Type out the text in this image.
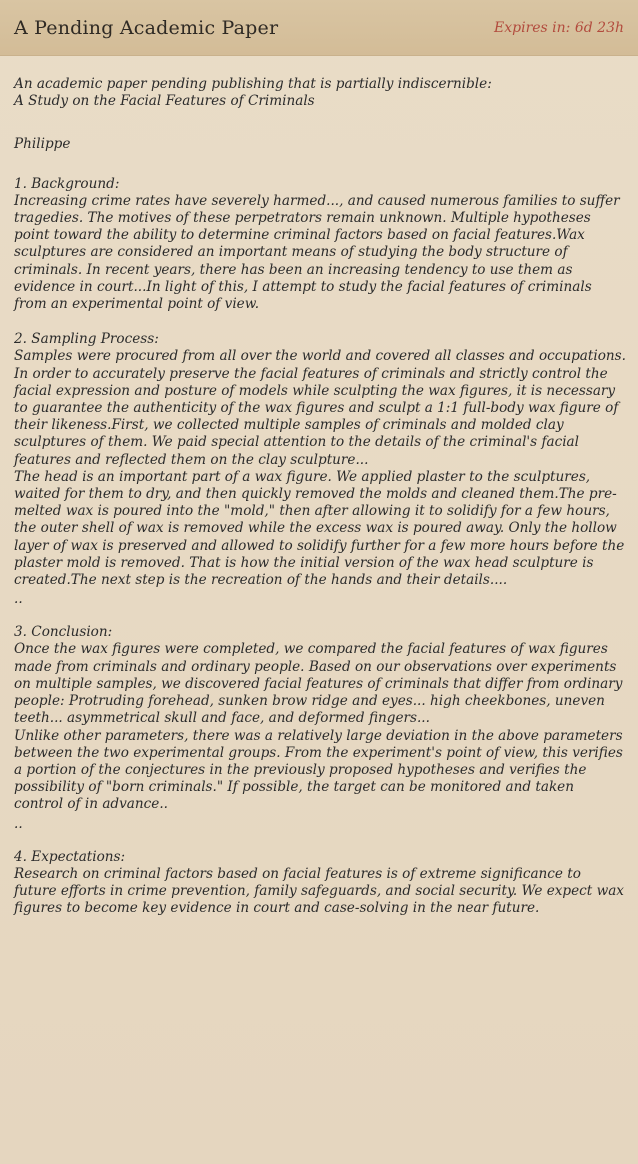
A Pending Academic Paper	Expires in: 6d 23h
An academic paper pending publishing that is partially indiscernible:
A Study on the Facial Features of Criminals
Philippe
1. Background:
Increasing crime rates have severely harmed..., and caused numerous families to suffer tragedies. The motives of these perpetrators remain unknown. Multiple hypotheses point toward the ability to determine criminal factors based on facial features.Wax sculptures are considered an important means of studying the body structure of criminals. In recent years, there has been an increasing tendency to use them as evidence in court...In light of this, I attempt to study the facial features of criminals from an experimental point of view.
2. Sampling Process:
Samples were procured from all over the world and covered all classes and occupations. In order to accurately preserve the facial features of criminals and strictly control the facial expression and posture of models while sculpting the wax figures, it is necessary to guarantee the authenticity of the wax figures and sculpt a 1:1 full-body wax figure of their likeness.First, we collected multiple samples of criminals and molded clay sculptures of them. We paid special attention to the details of the criminal's facial features and reflected them on the clay sculpture...
The head is an important part of a wax figure. We applied plaster to the sculptures, waited for them to dry, and then quickly removed the molds and cleaned them.The pre-melted wax is poured into the "mold," then after allowing it to solidify for a few hours, the outer shell of wax is removed while the excess wax is poured away. Only the hollow layer of wax is preserved and allowed to solidify further for a few more hours before the plaster mold is removed. That is how the initial version of the wax head sculpture is created.The next step is the recreation of the hands and their details....
..
3. Conclusion:
Once the wax figures were completed, we compared the facial features of wax figures made from criminals and ordinary people. Based on our observations over experiments on multiple samples, we discovered facial features of criminals that differ from ordinary people: Protruding forehead, sunken brow ridge and eyes... high cheekbones, uneven teeth... asymmetrical skull and face, and deformed fingers...
Unlike other parameters, there was a relatively large deviation in the above parameters between the two experimental groups. From the experiment's point of view, this verifies a portion of the conjectures in the previously proposed hypotheses and verifies the possibility of "born criminals." If possible, the target can be monitored and taken control of in advance..
..
4. Expectations:
Research on criminal factors based on facial features is of extreme significance to future efforts in crime prevention, family safeguards, and social security. We expect wax figures to become key evidence in court and case-solving in the near future.
